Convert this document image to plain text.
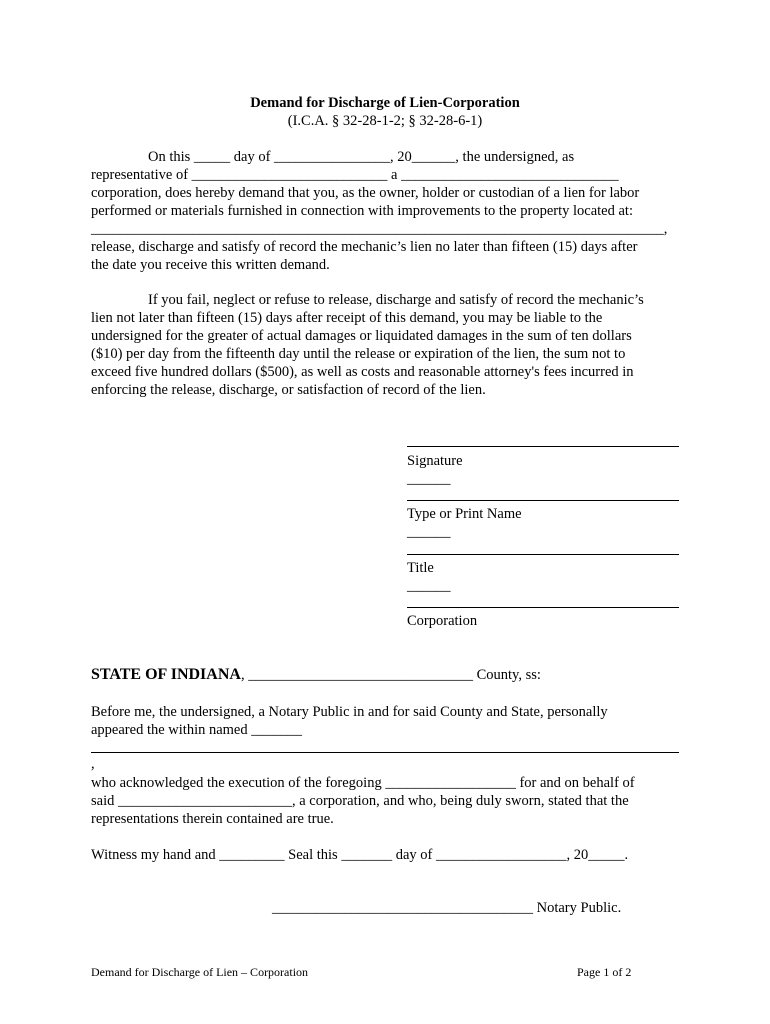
Demand for Discharge of Lien-Corporation
(I.C.A. § 32-28-1-2; § 32-28-6-1)
On this _____ day of ________________, 20______, the undersigned, as
representative of ___________________________ a ______________________________
corporation, does hereby demand that you, as the owner, holder or custodian of a lien for labor
performed or materials furnished in connection with improvements to the property located at:
_______________________________________________________________________________,
release, discharge and satisfy of record the mechanic’s lien no later than fifteen (15) days after
the date you receive this written demand.
If you fail, neglect or refuse to release, discharge and satisfy of record the mechanic’s
lien not later than fifteen (15) days after receipt of this demand, you may be liable to the
undersigned for the greater of actual damages or liquidated damages in the sum of ten dollars
($10) per day from the fifteenth day until the release or expiration of the lien, the sum not to
exceed five hundred dollars ($500), as well as costs and reasonable attorney's fees incurred in
enforcing the release, discharge, or satisfaction of record of the lien.
Signature
______
Type or Print Name
______
Title
______
Corporation
STATE OF INDIANA, _______________________________ County, ss:
Before me, the undersigned, a Notary Public in and for said County and State, personally
appeared the within named _______
,
who acknowledged the execution of the foregoing __________________ for and on behalf of
said ________________________, a corporation, and who, being duly sworn, stated that the
representations therein contained are true.
Witness my hand and _________ Seal this _______ day of __________________, 20_____.
____________________________________ Notary Public.
Demand for Discharge of Lien – Corporation	Page 1 of 2
